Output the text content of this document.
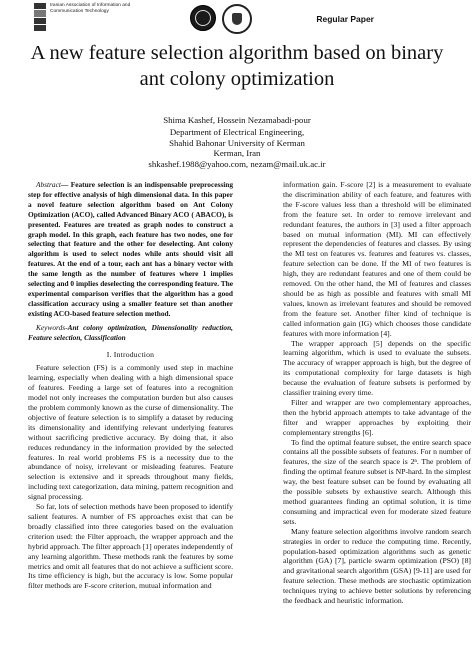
Iranian Association of Information and Communication Technology
Regular Paper
A new feature selection algorithm based on binary ant colony optimization
Shima Kashef, Hossein Nezamabadi-pour
Department of Electrical Engineering,
Shahid Bahonar University of Kerman
Kerman, Iran
shkashef.1988@yahoo.com, nezam@mail.uk.ac.ir

Abstract— Feature selection is an indispensable preprocessing step for effective analysis of high dimensional data. In this paper a novel feature selection algorithm based on Ant Colony Optimization (ACO), called Advanced Binary ACO ( ABACO), is presented. Features are treated as graph nodes to construct a graph model. In this graph, each feature has two nodes, one for selecting that feature and the other for deselecting. Ant colony algorithm is used to select nodes while ants should visit all features. At the end of a tour, each ant has a binary vector with the same length as the number of features where 1 implies selecting and 0 implies deselecting the corresponding feature. The experimental comparison verifies that the algorithm has a good classification accuracy using a smaller feature set than another existing ACO-based feature selection method.

Keywords-Ant colony optimization, Dimensionality reduction, Feature selection, Classification

I. Introduction

Feature selection (FS) is a commonly used step in machine learning, especially when dealing with a high dimensional space of features. Feeding a large set of features into a recognition model not only increases the computation burden but also causes the problem commonly known as the curse of dimensionality. The objective of feature selection is to simplify a dataset by reducing its dimensionality and identifying relevant underlying features without sacrificing predictive accuracy. By doing that, it also reduces redundancy in the information provided by the selected features. In real world problems FS is a necessity due to the abundance of noisy, irrelevant or misleading features. Feature selection is extensive and it spreads throughout many fields, including text categorization, data mining, pattern recognition and signal processing.

So far, lots of selection methods have been proposed to identify salient features. A number of FS approaches exist that can be broadly classified into three categories based on the evaluation criterion used: the Filter approach, the wrapper approach and the hybrid approach. The filter approach [1] operates independently of any learning algorithm. These methods rank the features by some metrics and omit all features that do not achieve a sufficient score. Its time efficiency is high, but the accuracy is low. Some popular filter methods are F-score criterion, mutual information and

information gain. F-score [2] is a measurement to evaluate the discrimination ability of each feature, and features with the F-score values less than a threshold will be eliminated from the feature set. In order to remove irrelevant and redundant features, the authors in [3] used a filter approach based on mutual information (MI). MI can effectively represent the dependencies of features and classes. By using the MI test on features vs. features and features vs. classes, feature selection can be done. If the MI of two features is high, they are redundant features and one of them could be removed. On the other hand, the MI of features and classes should be as high as possible and features with small MI values, known as irrelevant features and should be removed from the feature set. Another filter kind of technique is called information gain (IG) which chooses those candidate features with more information [4].

The wrapper approach [5] depends on the specific learning algorithm, which is used to evaluate the subsets. The accuracy of wrapper approach is high, but the degree of its computational complexity for large datasets is high because the evaluation of feature subsets is performed by classifier training every time.

Filter and wrapper are two complementary approaches, then the hybrid approach attempts to take advantage of the filter and wrapper approaches by exploiting their complementary strengths [6].

To find the optimal feature subset, the entire search space contains all the possible subsets of features. For n number of features, the size of the search space is 2ⁿ. The problem of finding the optimal feature subset is NP-hard. In the simplest way, the best feature subset can be found by evaluating all the possible subsets by exhaustive search. Although this method guarantees finding an optimal solution, it is time consuming and impractical even for moderate sized feature sets.

Many feature selection algorithms involve random search strategies in order to reduce the computing time. Recently, population-based optimization algorithms such as genetic algorithm (GA) [7], particle swarm optimization (PSO) [8] and gravitational search algorithm (GSA) [9-11] are used for feature selection. These methods are stochastic optimization techniques trying to achieve better solutions by referencing the feedback and heuristic information.
